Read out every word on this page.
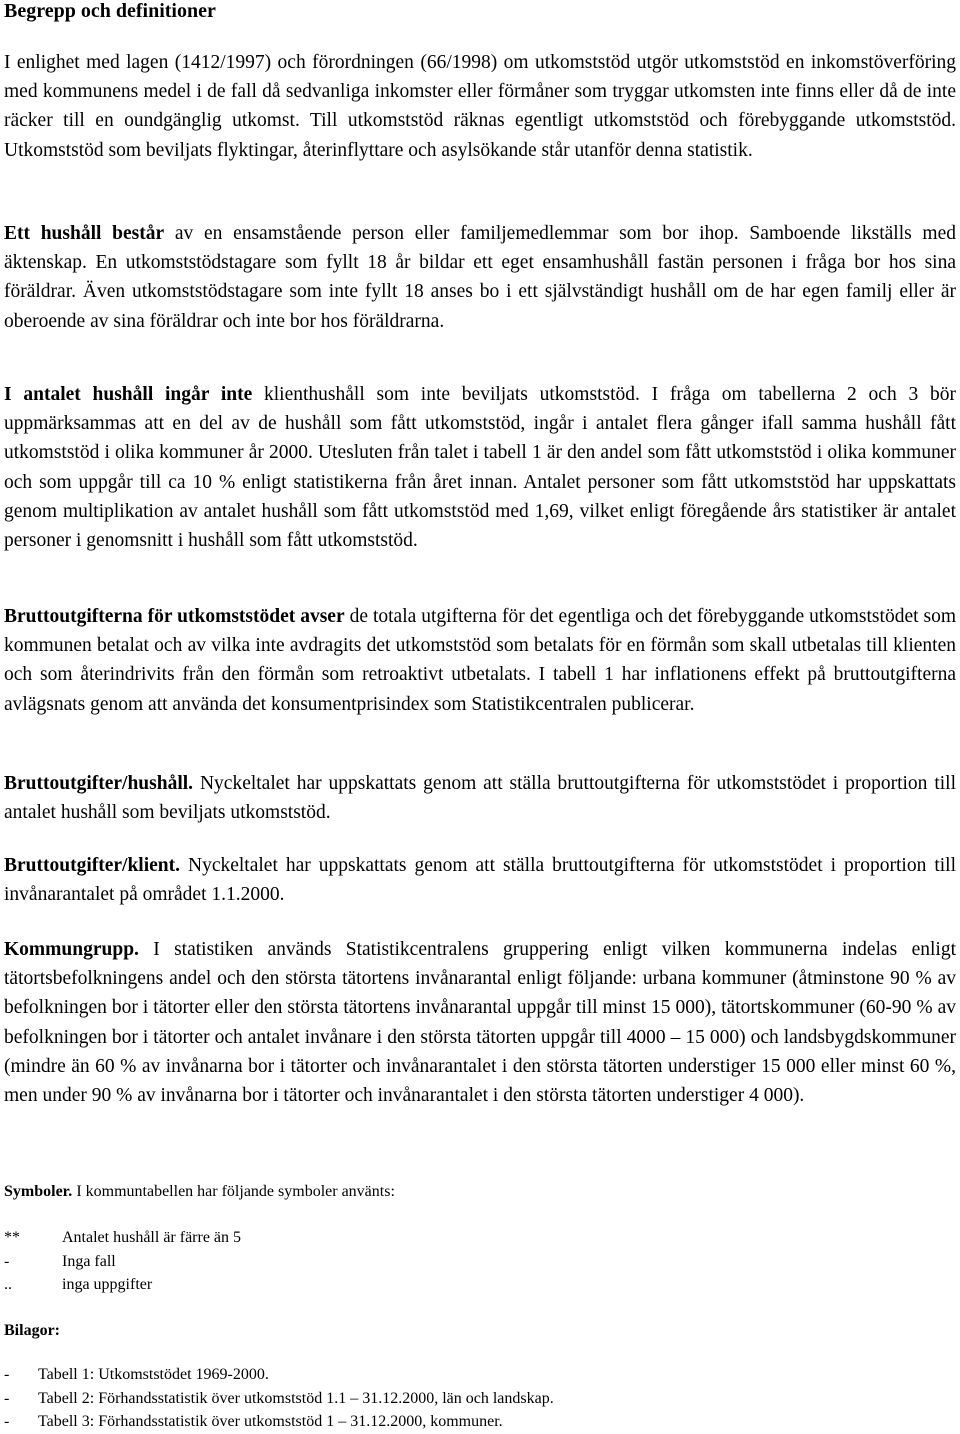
Begrepp och definitioner

I enlighet med lagen (1412/1997) och förordningen (66/1998) om utkomststöd utgör utkomststöd en inkomstöverföring med kommunens medel i de fall då sedvanliga inkomster eller förmåner som tryggar utkomsten inte finns eller då de inte räcker till en oundgänglig utkomst. Till utkomststöd räknas egentligt utkomststöd och förebyggande utkomststöd. Utkomststöd som beviljats flyktingar, återinflyttare och asylsökande står utanför denna statistik.

Ett hushåll består av en ensamstående person eller familjemedlemmar som bor ihop. Samboende likställs med äktenskap. En utkomststödstagare som fyllt 18 år bildar ett eget ensamhushåll fastän personen i fråga bor hos sina föräldrar. Även utkomststödstagare som inte fyllt 18 anses bo i ett självständigt hushåll om de har egen familj eller är oberoende av sina föräldrar och inte bor hos föräldrarna.

I antalet hushåll ingår inte klienthushåll som inte beviljats utkomststöd. I fråga om tabellerna 2 och 3 bör uppmärksammas att en del av de hushåll som fått utkomststöd, ingår i antalet flera gånger ifall samma hushåll fått utkomststöd i olika kommuner år 2000. Utesluten från talet i tabell 1 är den andel som fått utkomststöd i olika kommuner och som uppgår till ca 10 % enligt statistikerna från året innan. Antalet personer som fått utkomststöd har uppskattats genom multiplikation av antalet hushåll som fått utkomststöd med 1,69, vilket enligt föregående års statistiker är antalet personer i genomsnitt i hushåll som fått utkomststöd.

Bruttoutgifterna för utkomststödet avser de totala utgifterna för det egentliga och det förebyggande utkomststödet som kommunen betalat och av vilka inte avdragits det utkomststöd som betalats för en förmån som skall utbetalas till klienten och som återindrivits från den förmån som retroaktivt utbetalats. I tabell 1 har inflationens effekt på bruttoutgifterna avlägsnats genom att använda det konsumentprisindex som Statistikcentralen publicerar.

Bruttoutgifter/hushåll. Nyckeltalet har uppskattats genom att ställa bruttoutgifterna för utkomststödet i proportion till antalet hushåll som beviljats utkomststöd.

Bruttoutgifter/klient. Nyckeltalet har uppskattats genom att ställa bruttoutgifterna för utkomststödet i proportion till invånarantalet på området 1.1.2000.

Kommungrupp. I statistiken används Statistikcentralens gruppering enligt vilken kommunerna indelas enligt tätortsbefolkningens andel och den största tätortens invånarantal enligt följande: urbana kommuner (åtminstone 90 % av befolkningen bor i tätorter eller den största tätortens invånarantal uppgår till minst 15 000), tätortskommuner (60-90 % av befolkningen bor i tätorter och antalet invånare i den största tätorten uppgår till 4000 – 15 000) och landsbygdskommuner (mindre än 60 % av invånarna bor i tätorter och invånarantalet i den största tätorten understiger 15 000 eller minst 60 %, men under 90 % av invånarna bor i tätorter och invånarantalet i den största tätorten understiger 4 000).

Symboler. I kommuntabellen har följande symboler använts:

**	Antalet hushåll är färre än 5
-	Inga fall
..	inga uppgifter

Bilagor:

-	Tabell 1: Utkomststödet 1969-2000.
-	Tabell 2: Förhandsstatistik över utkomststöd 1.1 – 31.12.2000, län och landskap.
-	Tabell 3: Förhandsstatistik över utkomststöd 1 – 31.12.2000, kommuner.
